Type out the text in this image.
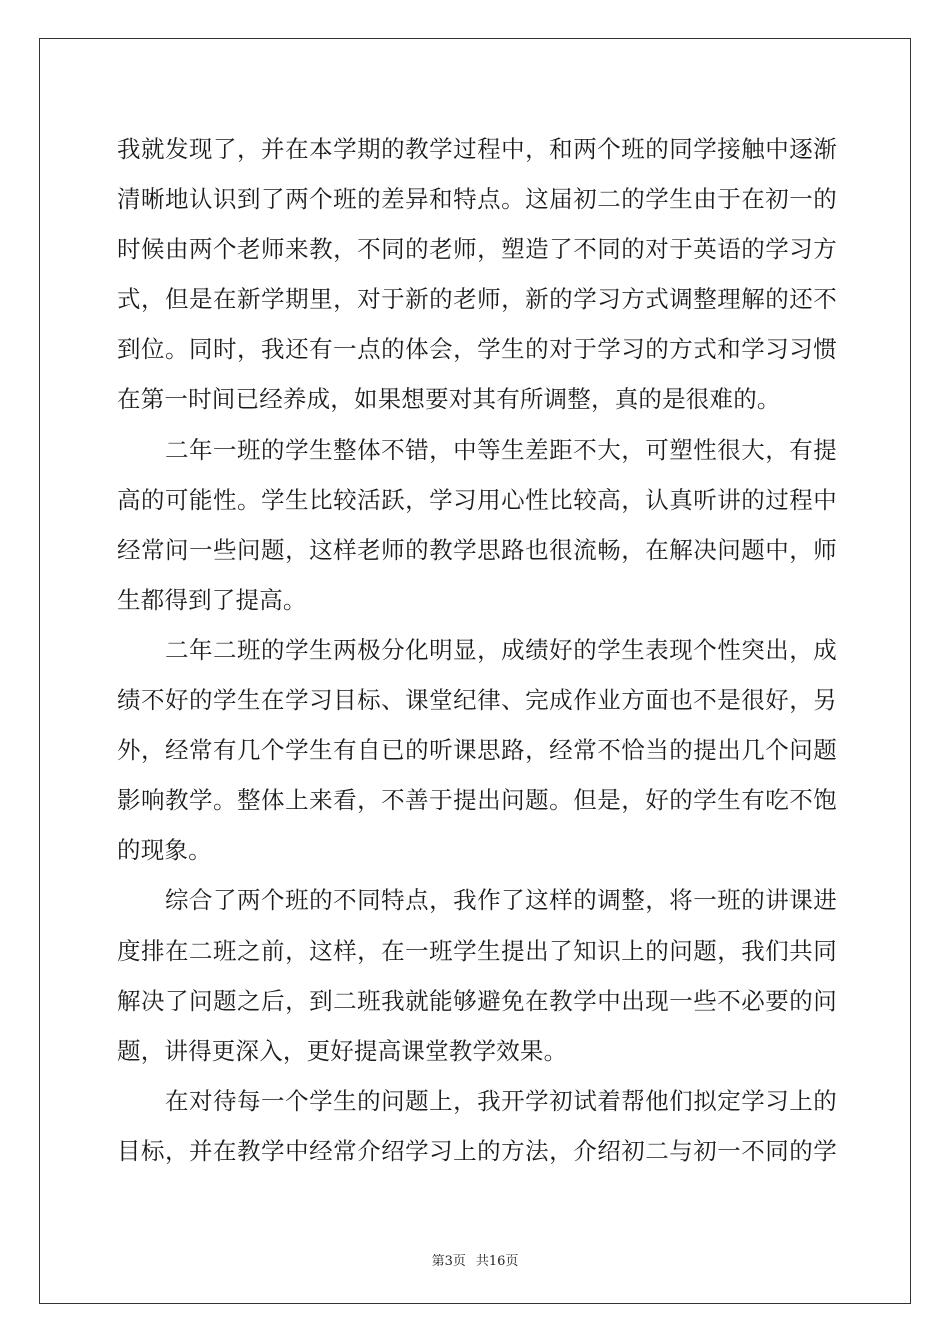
我就发现了，并在本学期的教学过程中，和两个班的同学接触中逐渐
清晰地认识到了两个班的差异和特点。这届初二的学生由于在初一的
时候由两个老师来教，不同的老师，塑造了不同的对于英语的学习方
式，但是在新学期里，对于新的老师，新的学习方式调整理解的还不
到位。同时，我还有一点的体会，学生的对于学习的方式和学习习惯
在第一时间已经养成，如果想要对其有所调整，真的是很难的。
　　二年一班的学生整体不错，中等生差距不大，可塑性很大，有提
高的可能性。学生比较活跃，学习用心性比较高，认真听讲的过程中
经常问一些问题，这样老师的教学思路也很流畅，在解决问题中，师
生都得到了提高。
　　二年二班的学生两极分化明显，成绩好的学生表现个性突出，成
绩不好的学生在学习目标、课堂纪律、完成作业方面也不是很好，另
外，经常有几个学生有自已的听课思路，经常不恰当的提出几个问题
影响教学。整体上来看，不善于提出问题。但是，好的学生有吃不饱
的现象。
　　综合了两个班的不同特点，我作了这样的调整，将一班的讲课进
度排在二班之前，这样，在一班学生提出了知识上的问题，我们共同
解决了问题之后，到二班我就能够避免在教学中出现一些不必要的问
题，讲得更深入，更好提高课堂教学效果。
　　在对待每一个学生的问题上，我开学初试着帮他们拟定学习上的
目标，并在教学中经常介绍学习上的方法，介绍初二与初一不同的学
第3页 共16页
